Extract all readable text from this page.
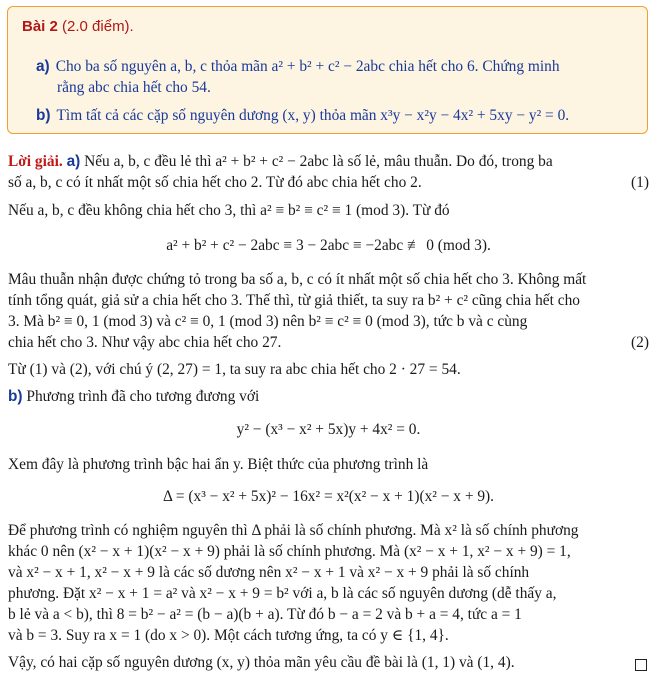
Bài 2 (2.0 điểm).
a) Cho ba số nguyên a, b, c thỏa mãn a² + b² + c² − 2abc chia hết cho 6. Chứng minh
rằng abc chia hết cho 54.
b) Tìm tất cả các cặp số nguyên dương (x, y) thỏa mãn x³y − x²y − 4x² + 5xy − y² = 0.
Lời giải. a) Nếu a, b, c đều lẻ thì a² + b² + c² − 2abc là số lẻ, mâu thuẫn. Do đó, trong ba
số a, b, c có ít nhất một số chia hết cho 2. Từ đó abc chia hết cho 2.	(1)
Nếu a, b, c đều không chia hết cho 3, thì a² ≡ b² ≡ c² ≡ 1 (mod 3). Từ đó
a² + b² + c² − 2abc ≡ 3 − 2abc ≡ −2abc ≢ 0 (mod 3).
Mâu thuẫn nhận được chứng tỏ trong ba số a, b, c có ít nhất một số chia hết cho 3. Không mất
tính tổng quát, giả sử a chia hết cho 3. Thế thì, từ giả thiết, ta suy ra b² + c² cũng chia hết cho
3. Mà b² ≡ 0, 1 (mod 3) và c² ≡ 0, 1 (mod 3) nên b² ≡ c² ≡ 0 (mod 3), tức b và c cùng
chia hết cho 3. Như vậy abc chia hết cho 27.	(2)
Từ (1) và (2), với chú ý (2, 27) = 1, ta suy ra abc chia hết cho 2 · 27 = 54.
b) Phương trình đã cho tương đương với
y² − (x³ − x² + 5x)y + 4x² = 0.
Xem đây là phương trình bậc hai ẩn y. Biệt thức của phương trình là
Δ = (x³ − x² + 5x)² − 16x² = x²(x² − x + 1)(x² − x + 9).
Để phương trình có nghiệm nguyên thì Δ phải là số chính phương. Mà x² là số chính phương
khác 0 nên (x² − x + 1)(x² − x + 9) phải là số chính phương. Mà (x² − x + 1, x² − x + 9) = 1,
và x² − x + 1, x² − x + 9 là các số dương nên x² − x + 1 và x² − x + 9 phải là số chính
phương. Đặt x² − x + 1 = a² và x² − x + 9 = b² với a, b là các số nguyên dương (dễ thấy a,
b lẻ và a < b), thì 8 = b² − a² = (b − a)(b + a). Từ đó b − a = 2 và b + a = 4, tức a = 1
và b = 3. Suy ra x = 1 (do x > 0). Một cách tương ứng, ta có y ∈ {1, 4}.
Vậy, có hai cặp số nguyên dương (x, y) thỏa mãn yêu cầu đề bài là (1, 1) và (1, 4).
